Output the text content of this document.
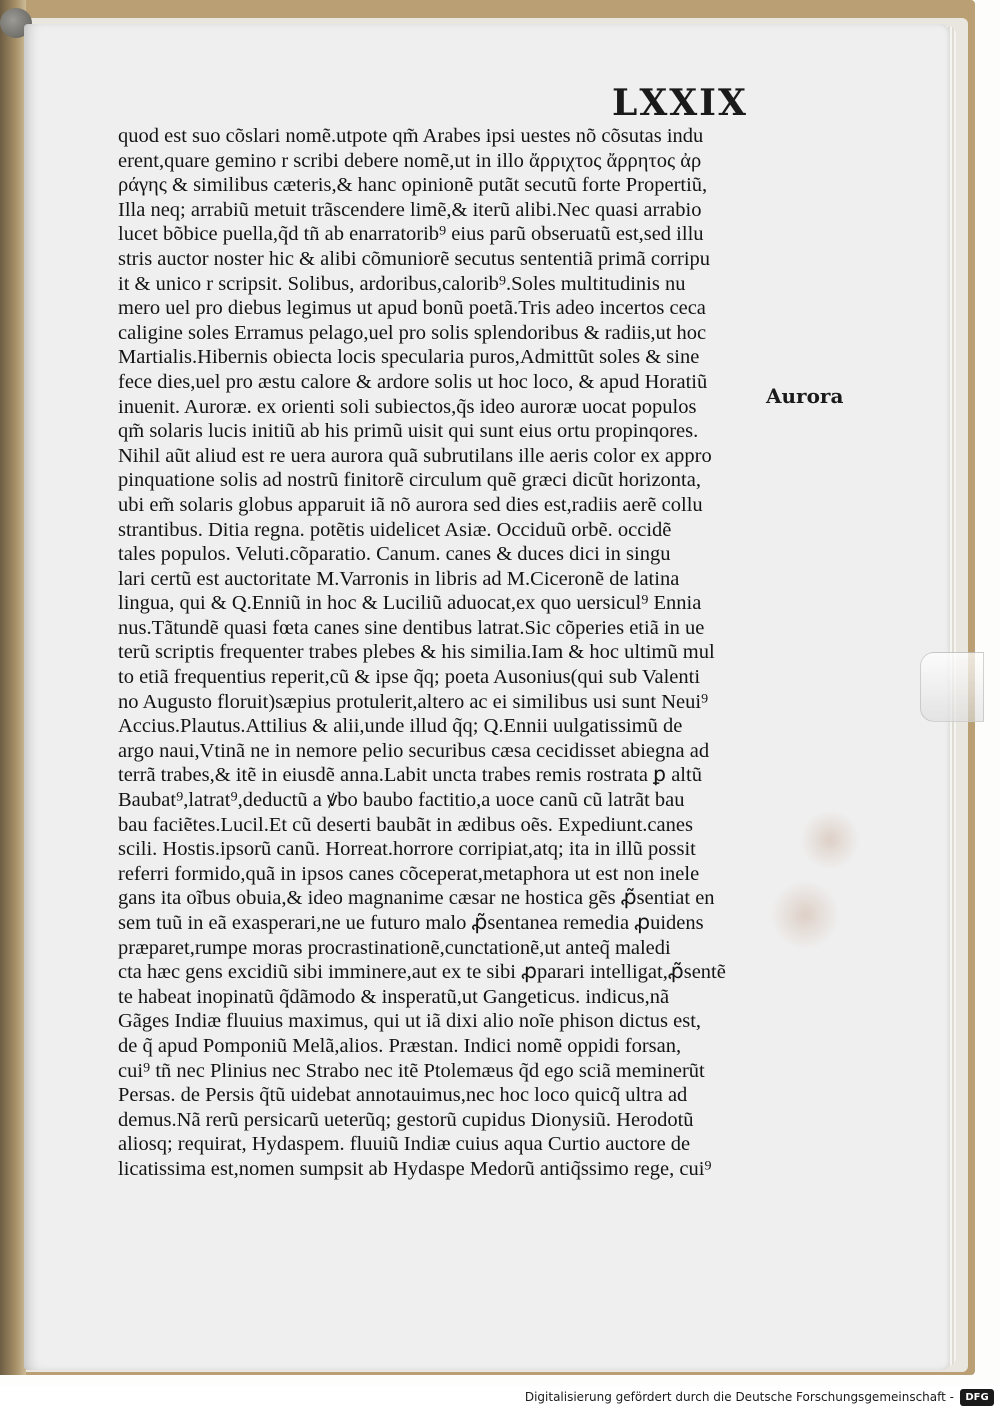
LXXIX
Aurora
quod est suo cõslari nomẽ.utpote qm̃ Arabes ipsi uestes nõ cõsutas indu
erent,quare gemino r scribi debere nomẽ,ut in illo ἄρριχτος ἄρρητος ἀρ
ράγης & similibus cæteris,& hanc opinionẽ putãt secutũ forte Propertiũ,
Illa neq; arrabiũ metuit trãscendere limẽ,& iterũ alibi.Nec quasi arrabio
lucet bõbice puella,q̃d tñ ab enarratorib⁹ eius parũ obseruatũ est,sed illu
stris auctor noster hic & alibi cõmuniorẽ secutus sententiã primã corripu
it & unico r scripsit. Solibus, ardoribus,calorib⁹.Soles multitudinis nu
mero uel pro diebus legimus ut apud bonũ poetã.Tris adeo incertos ceca
caligine soles Erramus pelago,uel pro solis splendoribus & radiis,ut hoc
Martialis.Hibernis obiecta locis specularia puros,Admittũt soles & sine
fece dies,uel pro æstu calore & ardore solis ut hoc loco, & apud Horatiũ
inuenit. Auroræ. ex orienti soli subiectos,q̃s ideo auroræ uocat populos
qm̃ solaris lucis initiũ ab his primũ uisit qui sunt eius ortu propinqores.
Nihil aũt aliud est re uera aurora quã subrutilans ille aeris color ex appro
pinquatione solis ad nostrũ finitorẽ circulum quẽ græci dicũt horizonta,
ubi em̃ solaris globus apparuit iã nõ aurora sed dies est,radiis aerẽ collu
strantibus. Ditia regna. potẽtis uidelicet Asiæ. Occiduũ orbẽ. occidẽ
tales populos. Veluti.cõparatio. Canum. canes & duces dici in singu
lari certũ est auctoritate M.Varronis in libris ad M.Ciceronẽ de latina
lingua, qui & Q.Enniũ in hoc & Luciliũ aduocat,ex quo uersicul⁹ Ennia
nus.Tãtundẽ quasi fœta canes sine dentibus latrat.Sic cõperies etiã in ue
terũ scriptis frequenter trabes plebes & his similia.Iam & hoc ultimũ mul
to etiã frequentius reperit,cũ & ipse q̃q; poeta Ausonius(qui sub Valenti
no Augusto floruit)sæpius protulerit,altero ac ei similibus usi sunt Neui⁹
Accius.Plautus.Attilius & alii,unde illud q̃q; Q.Ennii uulgatissimũ de
argo naui,Vtinã ne in nemore pelio securibus cæsa cecidisset abiegna ad
terrã trabes,& itẽ in eiusdẽ anna.Labit uncta trabes remis rostrata ꝑ altũ
Baubat⁹,latrat⁹,deductũ a ꝟbo baubo factitio,a uoce canũ cũ latrãt bau
bau faciẽtes.Lucil.Et cũ deserti baubãt in ædibus oẽs. Expediunt.canes
scili. Hostis.ipsorũ canũ. Horreat.horrore corripiat,atq; ita in illũ possit
referri formido,quã in ipsos canes cõceperat,metaphora ut est non inele
gans ita oĩbus obuia,& ideo magnanime cæsar ne hostica gẽs ꝓ̃sentiat en
sem tuũ in eã exasperari,ne ue futuro malo ꝓ̃sentanea remedia ꝓuidens
præparet,rumpe moras procrastinationẽ,cunctationẽ,ut anteq̃ maledi
cta hæc gens excidiũ sibi imminere,aut ex te sibi ꝓparari intelligat,ꝓ̃sentẽ
te habeat inopinatũ q̃dãmodo & insperatũ,ut Gangeticus. indicus,nã
Gãges Indiæ fluuius maximus, qui ut iã dixi alio noĩe phison dictus est,
de q̃ apud Pomponiũ Melã,alios. Præstan. Indici nomẽ oppidi forsan,
cui⁹ tñ nec Plinius nec Strabo nec itẽ Ptolemæus q̃d ego sciã meminerũt
Persas. de Persis q̃tũ uidebat annotauimus,nec hoc loco quicq̃ ultra ad
demus.Nã rerũ persicarũ ueterũq; gestorũ cupidus Dionysiũ. Herodotũ
aliosq; requirat, Hydaspem. fluuiũ Indiæ cuius aqua Curtio auctore de
licatissima est,nomen sumpsit ab Hydaspe Medorũ antiq̃ssimo rege, cui⁹
Digitalisierung gefördert durch die Deutsche Forschungsgemeinschaft -	DFG
